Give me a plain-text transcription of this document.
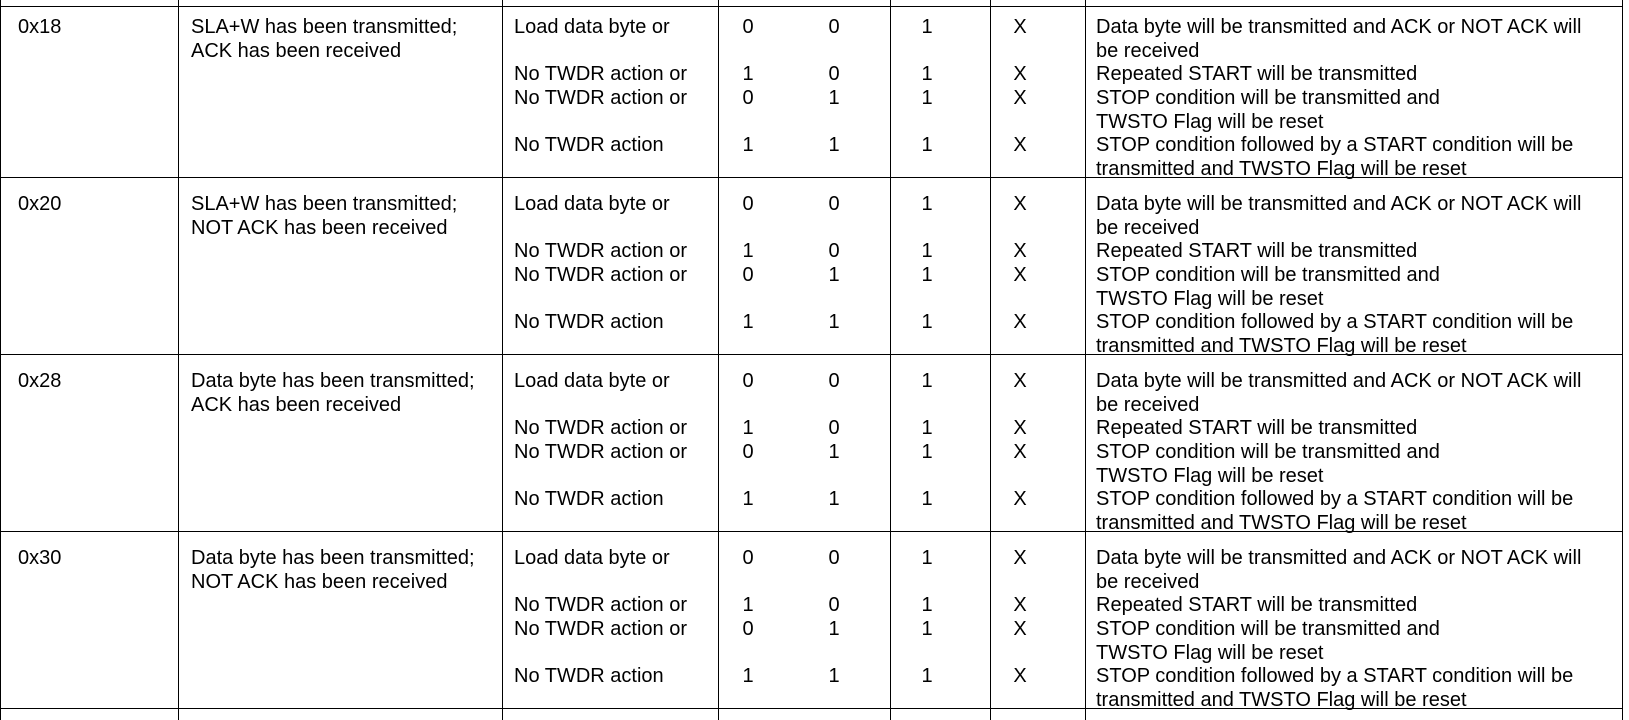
0x18	SLA+W has been transmitted;
ACK has been received
Load data byte or	0	0	1	X	Data byte will be transmitted and ACK or NOT ACK will
be received
No TWDR action or	1	0	1	X	Repeated START will be transmitted
No TWDR action or	0	1	1	X	STOP condition will be transmitted and
TWSTO Flag will be reset
No TWDR action	1	1	1	X	STOP condition followed by a START condition will be
transmitted and TWSTO Flag will be reset
0x20	SLA+W has been transmitted;
NOT ACK has been received
Load data byte or	0	0	1	X	Data byte will be transmitted and ACK or NOT ACK will
be received
No TWDR action or	1	0	1	X	Repeated START will be transmitted
No TWDR action or	0	1	1	X	STOP condition will be transmitted and
TWSTO Flag will be reset
No TWDR action	1	1	1	X	STOP condition followed by a START condition will be
transmitted and TWSTO Flag will be reset
0x28	Data byte has been transmitted;
ACK has been received
Load data byte or	0	0	1	X	Data byte will be transmitted and ACK or NOT ACK will
be received
No TWDR action or	1	0	1	X	Repeated START will be transmitted
No TWDR action or	0	1	1	X	STOP condition will be transmitted and
TWSTO Flag will be reset
No TWDR action	1	1	1	X	STOP condition followed by a START condition will be
transmitted and TWSTO Flag will be reset
0x30	Data byte has been transmitted;
NOT ACK has been received
Load data byte or	0	0	1	X	Data byte will be transmitted and ACK or NOT ACK will
be received
No TWDR action or	1	0	1	X	Repeated START will be transmitted
No TWDR action or	0	1	1	X	STOP condition will be transmitted and
TWSTO Flag will be reset
No TWDR action	1	1	1	X	STOP condition followed by a START condition will be
transmitted and TWSTO Flag will be reset
